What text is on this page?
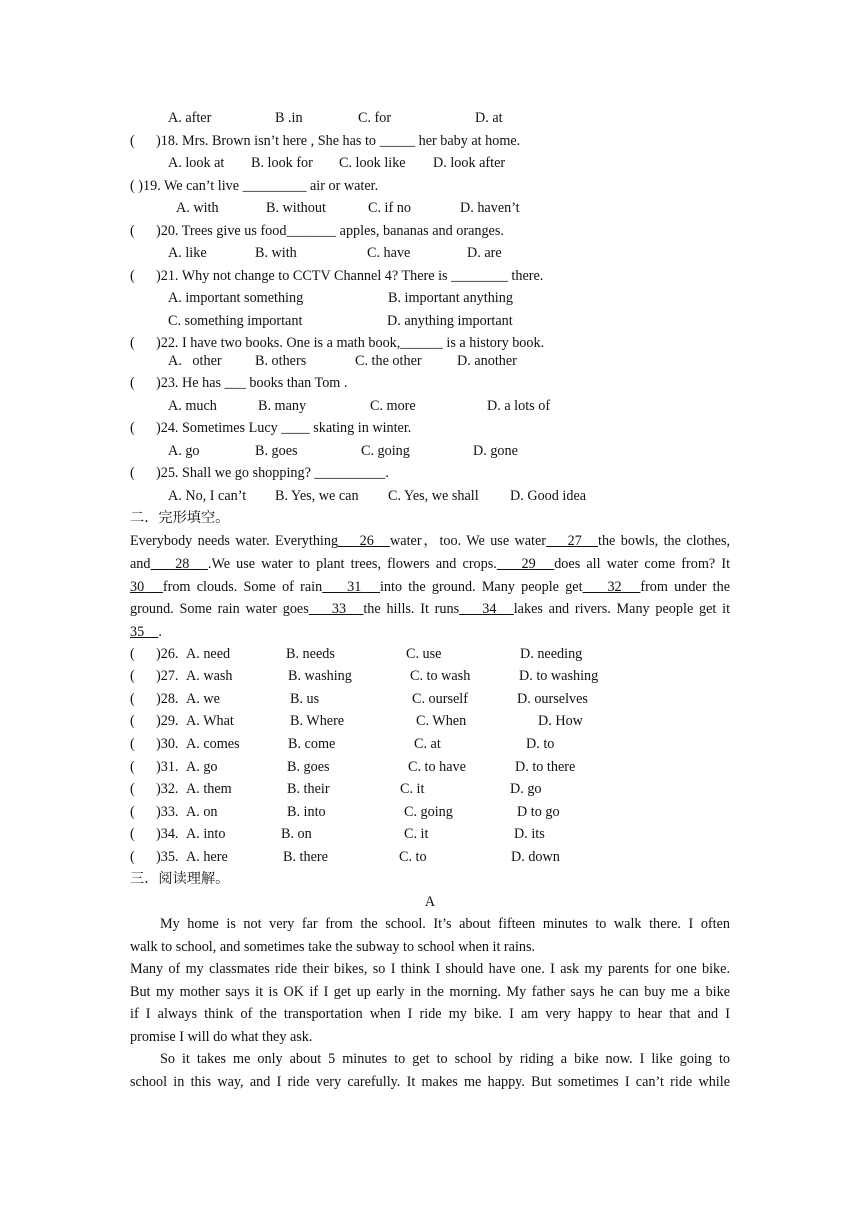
A. after	B .in	C. for	D. at
( )18. Mrs. Brown isn’t here , She has to _____ her baby at home.
A. look at B. look for C. look like D. look after
( )19. We can’t live _________ air or water.
A. with	B. without	C. if no	D. haven’t
( )20. Trees give us food_______ apples, bananas and oranges.
A. like	B. with	C. have	D. are
( )21. Why not change to CCTV Channel 4? There is ________ there.
A. important something	B. important anything
C. something important	D. anything important
( )22. I have two books. One is a math book,______ is a history book.
A.   other B. others	C. the other D. another
( )23. He has ___ books than Tom .
A. much	B. many	C. more	D. a lots of
( )24. Sometimes Lucy ____ skating in winter.
A. go	B. goes	C. going	D. gone
( )25. Shall we go shopping? __________.
A. No, I can’t B. Yes, we can C. Yes, we shall D. Good idea
二．完形填空。
Everybody needs water. Everything 26 water，too. We use water 27 the bowls, the clothes,
and 28 .We use water to plant trees, flowers and crops. 29 does all water come from? It
30 from clouds. Some of rain 31 into the ground. Many people get 32 from under the
ground. Some rain water goes 33 the hills. It runs 34 lakes and rivers. Many people get it
35 .
( )26. A. need	B. needs	C. use	D. needing
( )27. A. wash	B. washing	C. to wash	D. to washing
( )28. A. we	B. us	C. ourself	D. ourselves
( )29. A. What	B. Where	C. When	D. How
( )30. A. comes	B. come	C. at	D. to
( )31. A. go	B. goes	C. to have	D. to there
( )32. A. them	B. their	C. it	D. go
( )33. A. on	B. into	C. going	D to go
( )34. A. into	B. on	C. it	D. its
( )35. A. here	B. there	C. to	D. down
三．阅读理解。
A
My home is not very far from the school. It’s about fifteen minutes to walk there. I often
walk to school, and sometimes take the subway to school when it rains.
Many of my classmates ride their bikes, so I think I should have one. I ask my parents for one bike.
But my mother says it is OK if I get up early in the morning. My father says he can buy me a bike
if I always think of the transportation when I ride my bike. I am very happy to hear that and I
promise I will do what they ask.
So it takes me only about 5 minutes to get to school by riding a bike now. I like going to
school in this way, and I ride very carefully. It makes me happy. But sometimes I can’t ride while
